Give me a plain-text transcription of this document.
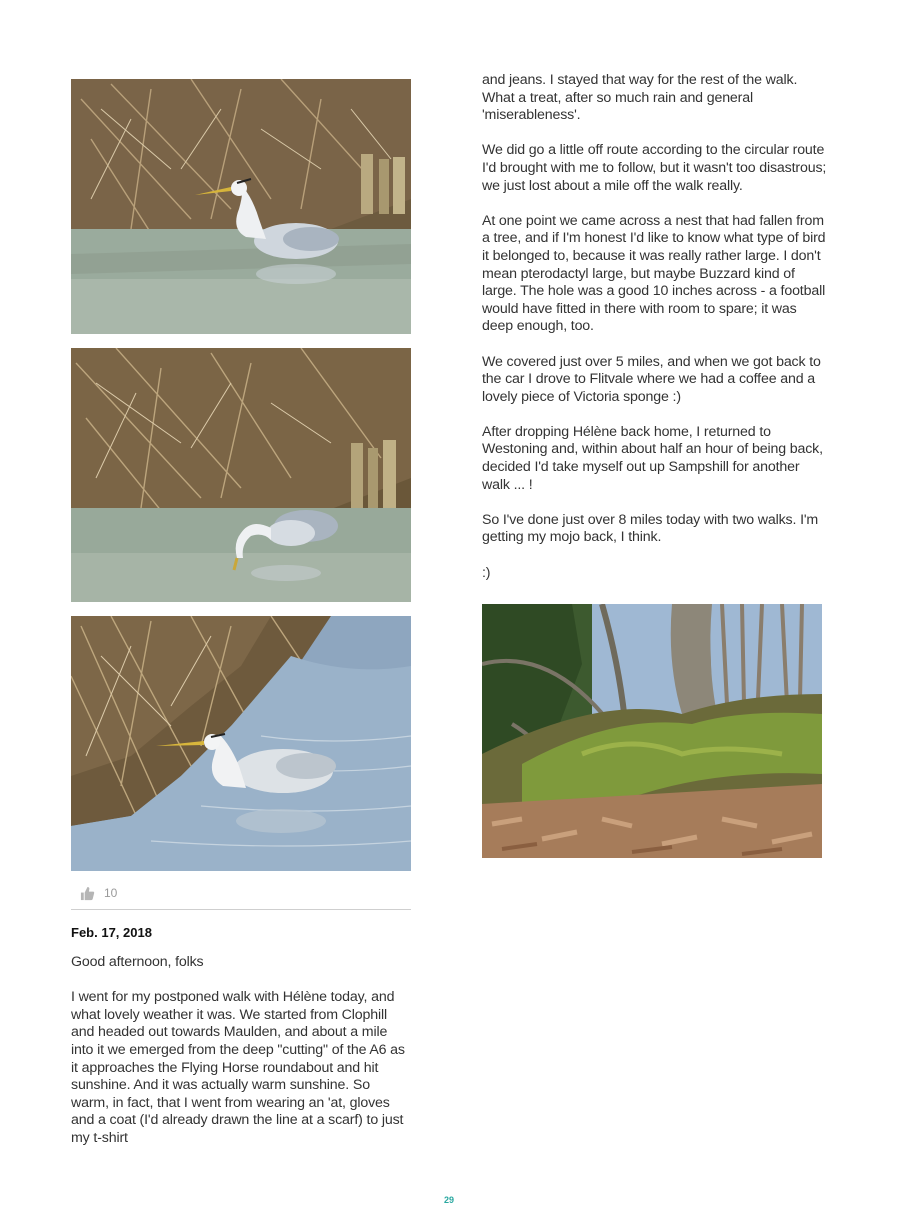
10
Feb. 17, 2018

Good afternoon, folks

I went for my postponed walk with Hélène today, and what lovely weather it was. We started from Clophill and headed out towards Maulden, and about a mile into it we emerged from the deep "cutting" of the A6 as it approaches the Flying Horse roundabout and hit sunshine. And it was actually warm sunshine. So warm, in fact, that I went from wearing an 'at, gloves and a coat (I'd already drawn the line at a scarf) to just my t-shirt

and jeans. I stayed that way for the rest of the walk. What a treat, after so much rain and general 'miserableness'.

We did go a little off route according to the circular route I'd brought with me to follow, but it wasn't too disastrous; we just lost about a mile off the walk really.

At one point we came across a nest that had fallen from a tree, and if I'm honest I'd like to know what type of bird it belonged to, because it was really rather large. I don't mean pterodactyl large, but maybe Buzzard kind of large. The hole was a good 10 inches across - a football would have fitted in there with room to spare; it was deep enough, too.

We covered just over 5 miles, and when we got back to the car I drove to Flitvale where we had a coffee and a lovely piece of Victoria sponge :)

After dropping Hélène back home, I returned to Westoning and, within about half an hour of being back, decided I'd take myself out up Sampshill for another walk ... !

So I've done just over 8 miles today with two walks. I'm getting my mojo back, I think.

:)

29
